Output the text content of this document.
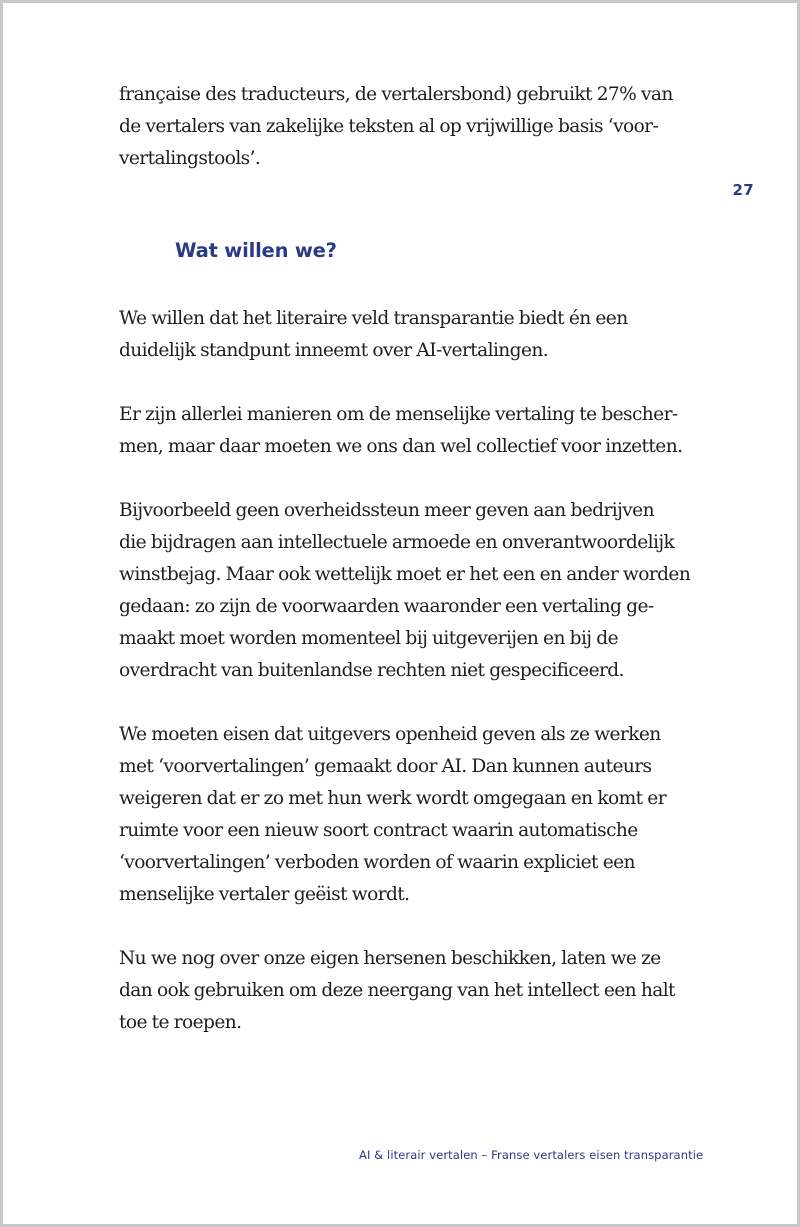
française des traducteurs, de vertalersbond) gebruikt 27% van
de vertalers van zakelijke teksten al op vrijwillige basis ‘voor-
vertalingstools’.

We willen dat het literaire veld transparantie biedt én een
duidelijk standpunt inneemt over AI-vertalingen.

Er zijn allerlei manieren om de menselijke vertaling te bescher-
men, maar daar moeten we ons dan wel collectief voor inzetten.

Bijvoorbeeld geen overheidssteun meer geven aan bedrijven
die bijdragen aan intellectuele armoede en onverantwoordelijk
winstbejag. Maar ook wettelijk moet er het een en ander worden
gedaan: zo zijn de voorwaarden waaronder een vertaling ge-
maakt moet worden momenteel bij uitgeverijen en bij de
overdracht van buitenlandse rechten niet gespecificeerd.

We moeten eisen dat uitgevers openheid geven als ze werken
met ‘voorvertalingen’ gemaakt door AI. Dan kunnen auteurs
weigeren dat er zo met hun werk wordt omgegaan en komt er
ruimte voor een nieuw soort contract waarin automatische
‘voorvertalingen’ verboden worden of waarin expliciet een
menselijke vertaler geëist wordt.

Nu we nog over onze eigen hersenen beschikken, laten we ze
dan ook gebruiken om deze neergang van het intellect een halt
toe te roepen.

27
Wat willen we?
AI & literair vertalen – Franse vertalers eisen transparantie
